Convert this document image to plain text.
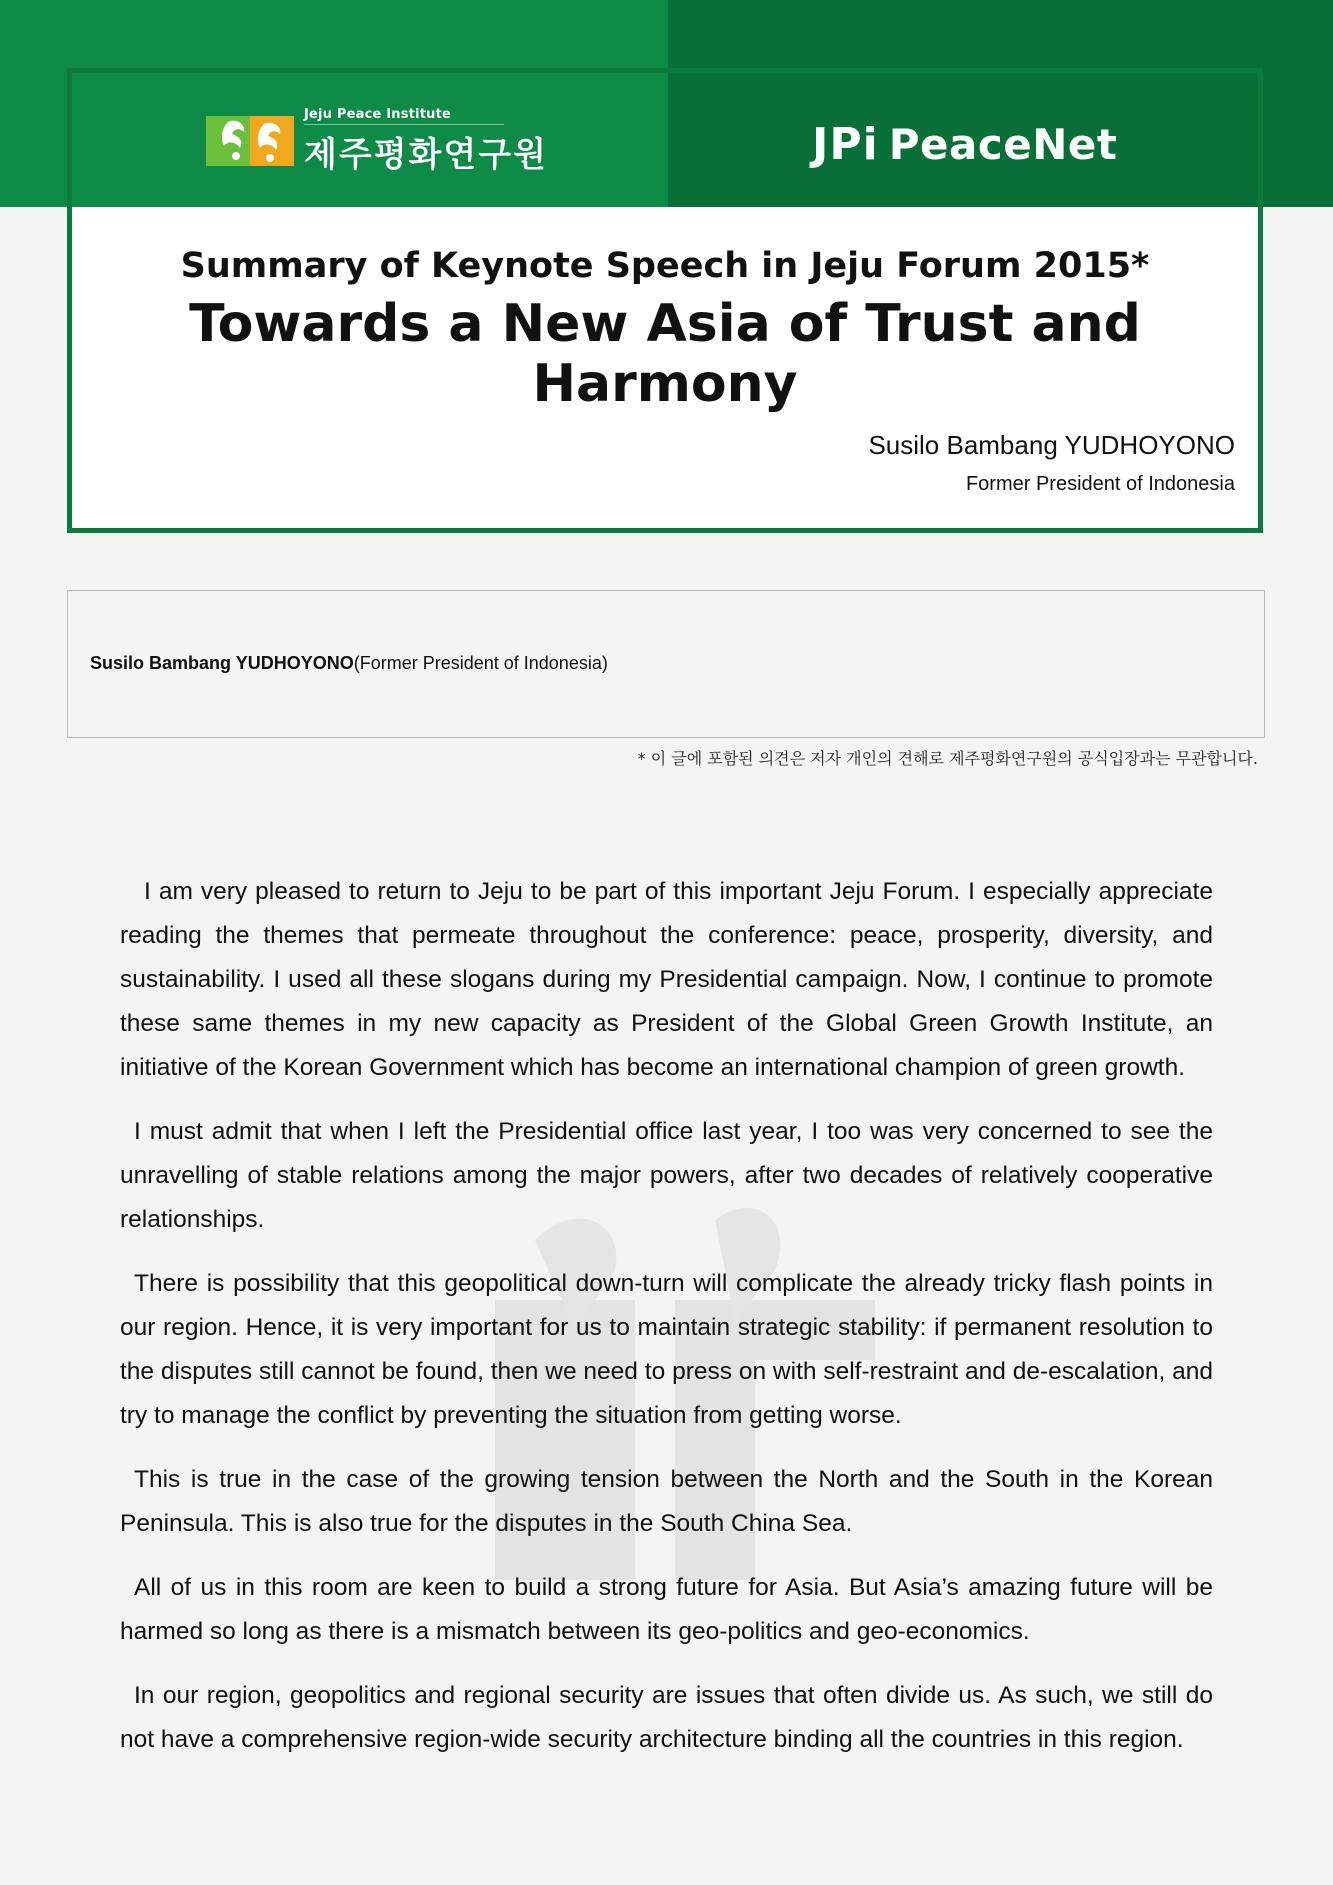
Jeju Peace Institute
제주평화연구원	JPi PeaceNet
Summary of Keynote Speech in Jeju Forum 2015*
Towards a New Asia of Trust and Harmony
Susilo Bambang YUDHOYONO
Former President of Indonesia
Susilo Bambang YUDHOYONO(Former President of Indonesia)
* 이 글에 포함된 의견은 저자 개인의 견해로 제주평화연구원의 공식입장과는 무관합니다.

I am very pleased to return to Jeju to be part of this important Jeju Forum. I especially appreciate reading the themes that permeate throughout the conference: peace, prosperity, diversity, and sustainability. I used all these slogans during my Presidential campaign. Now, I continue to promote these same themes in my new capacity as President of the Global Green Growth Institute, an initiative of the Korean Government which has become an international champion of green growth.

I must admit that when I left the Presidential office last year, I too was very concerned to see the unravelling of stable relations among the major powers, after two decades of relatively cooperative relationships.

There is possibility that this geopolitical down-turn will complicate the already tricky flash points in our region. Hence, it is very important for us to maintain strategic stability: if permanent resolution to the disputes still cannot be found, then we need to press on with self-restraint and de-escalation, and try to manage the conflict by preventing the situation from getting worse.

This is true in the case of the growing tension between the North and the South in the Korean Peninsula. This is also true for the disputes in the South China Sea.

All of us in this room are keen to build a strong future for Asia. But Asia’s amazing future will be harmed so long as there is a mismatch between its geo-politics and geo-economics.

In our region, geopolitics and regional security are issues that often divide us. As such, we still do not have a comprehensive region-wide security architecture binding all the countries in this region.
